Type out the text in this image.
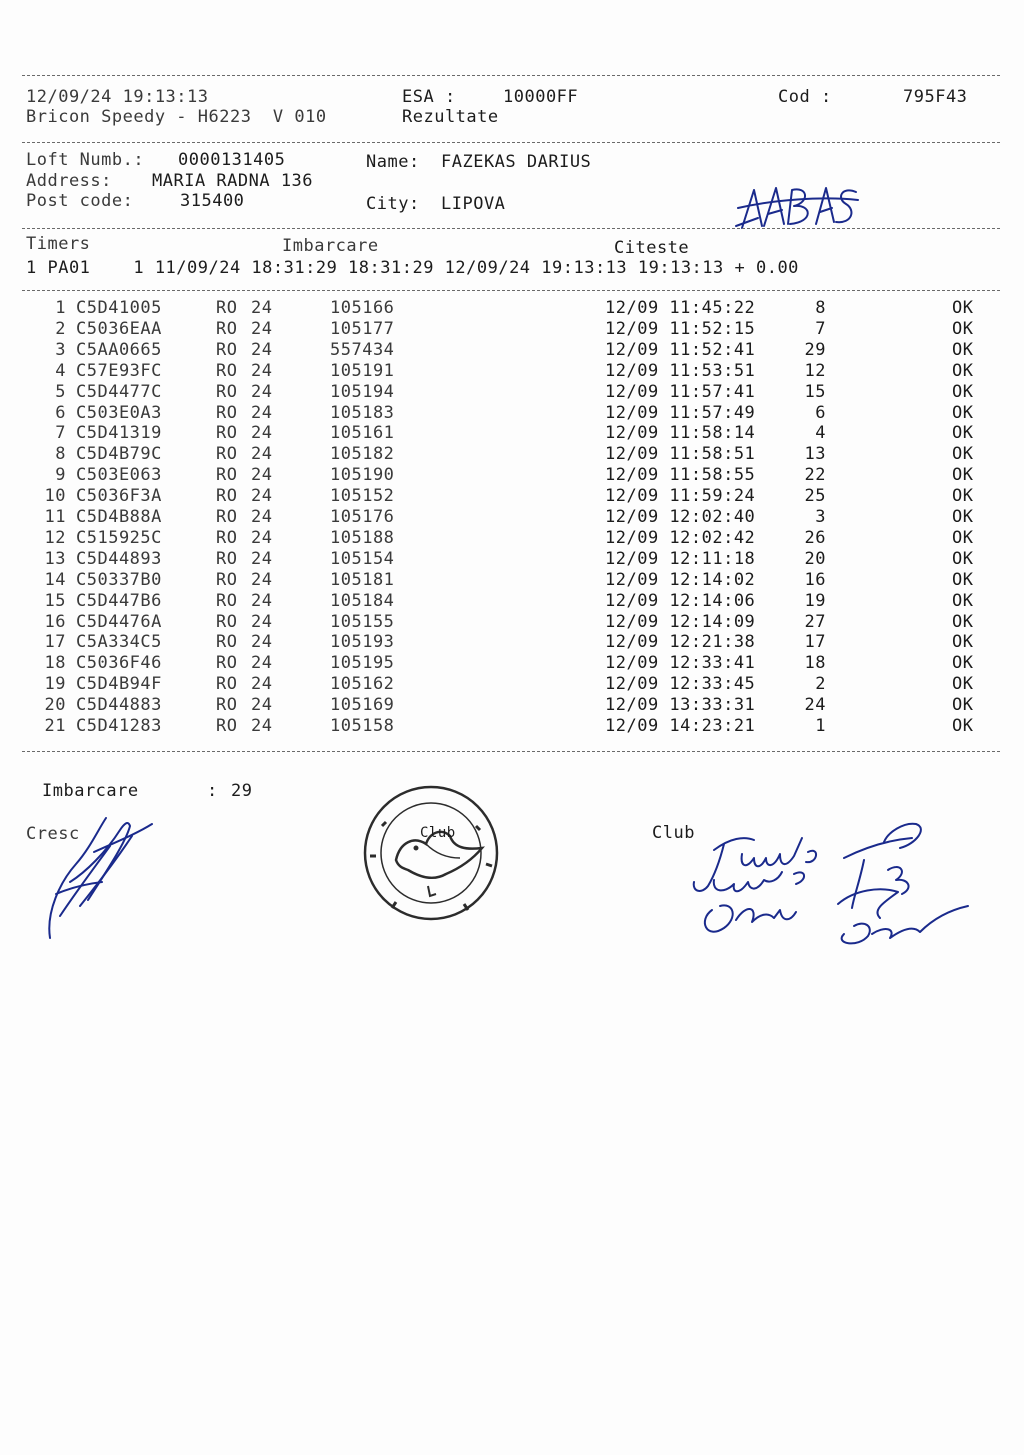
12/09/24 19:13:13	ESA :	10000FF	Cod :	795F43
Bricon Speedy - H6223  V 010	Rezultate
Loft Numb.: 0000131405	Name: FAZEKAS DARIUS
Address: MARIA RADNA 136
Post code:	315400	City: LIPOVA
Timers	Imbarcare	Citeste
1 PA01    1 11/09/24 18:31:29 18:31:29 12/09/24 19:13:13 19:13:13 + 0.00
1 C5D41005	RO 24	105166	12/09 11:45:22	8	OK
2 C5036EAA	RO 24	105177	12/09 11:52:15	7	OK
3 C5AA0665	RO 24	557434	12/09 11:52:41	29	OK
4 C57E93FC	RO 24	105191	12/09 11:53:51	12	OK
5 C5D4477C	RO 24	105194	12/09 11:57:41	15	OK
6 C503E0A3	RO 24	105183	12/09 11:57:49	6	OK
7 C5D41319	RO 24	105161	12/09 11:58:14	4	OK
8 C5D4B79C	RO 24	105182	12/09 11:58:51	13	OK
9 C503E063	RO 24	105190	12/09 11:58:55	22	OK
10 C5036F3A	RO 24	105152	12/09 11:59:24	25	OK
11 C5D4B88A	RO 24	105176	12/09 12:02:40	3	OK
12 C515925C	RO 24	105188	12/09 12:02:42	26	OK
13 C5D44893	RO 24	105154	12/09 12:11:18	20	OK
14 C50337B0	RO 24	105181	12/09 12:14:02	16	OK
15 C5D447B6	RO 24	105184	12/09 12:14:06	19	OK
16 C5D4476A	RO 24	105155	12/09 12:14:09	27	OK
17 C5A334C5	RO 24	105193	12/09 12:21:38	17	OK
18 C5036F46	RO 24	105195	12/09 12:33:41	18	OK
19 C5D4B94F	RO 24	105162	12/09 12:33:45	2	OK
20 C5D44883	RO 24	105169	12/09 13:33:31	24	OK
21 C5D41283	RO 24	105158	12/09 14:23:21	1	OK
Imbarcare	: 29
Cresc	Club	Club
